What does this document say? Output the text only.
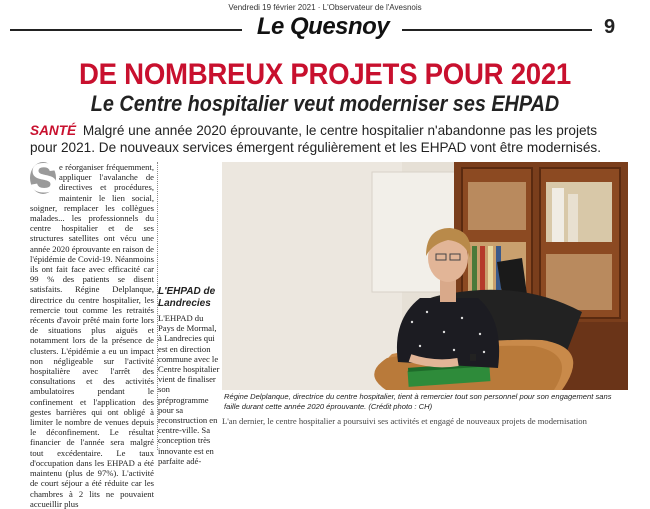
Vendredi 19 février 2021 · L'Observateur de l'Avesnois
Le Quesnoy	9
DE NOMBREUX PROJETS POUR 2021
Le Centre hospitalier veut moderniser ses EHPAD

SANTÉ Malgré une année 2020 éprouvante, le centre hospitalier n'abandonne pas les projets pour 2021. De nouveaux services émergent régulièrement et les EHPAD vont être modernisés.

S e réorganiser fréquemment, appliquer l'avalanche de directives et procédures, maintenir le lien social, soigner, remplacer les collègues malades... les professionnels du centre hospitalier et de ses structures satellites ont vécu une année 2020 éprouvante en raison de l'épidémie de Covid-19. Néanmoins ils ont fait face avec efficacité car 99 % des patients se disent satisfaits. Régine Delplanque, directrice du centre hospitalier, les remercie tout comme les retraités récents d'avoir prêté main forte lors de situations plus aiguës et notamment lors de la présence de clusters. L'épidémie a eu un impact non négligeable sur l'activité hospitalière avec l'arrêt des consultations et des activités ambulatoires pendant le confinement et l'application des gestes barrières qui ont obligé à limiter le nombre de venues depuis le déconfinement. Le résultat financier de l'année sera malgré tout excédentaire. Le taux d'occupation dans les EHPAD a été maintenu (plus de 97%). L'activité de court séjour a été réduite car les chambres à 2 lits ne pouvaient accueillir plus
L'EHPAD de Landrecies
L'EHPAD du Pays de Mormal, à Landrecies qui est en direction commune avec le Centre hospitalier vient de finaliser son préprogramme pour sa reconstruction en centre-ville. Sa conception très innovante est en parfaite adé-

Régine Delplanque, directrice du centre hospitalier, tient à remercier tout son personnel pour son engagement sans faille durant cette année 2020 éprouvante. (Crédit photo : CH)

L'an dernier, le centre hospitalier a poursuivi ses activités et engagé de nouveaux projets de modernisation
